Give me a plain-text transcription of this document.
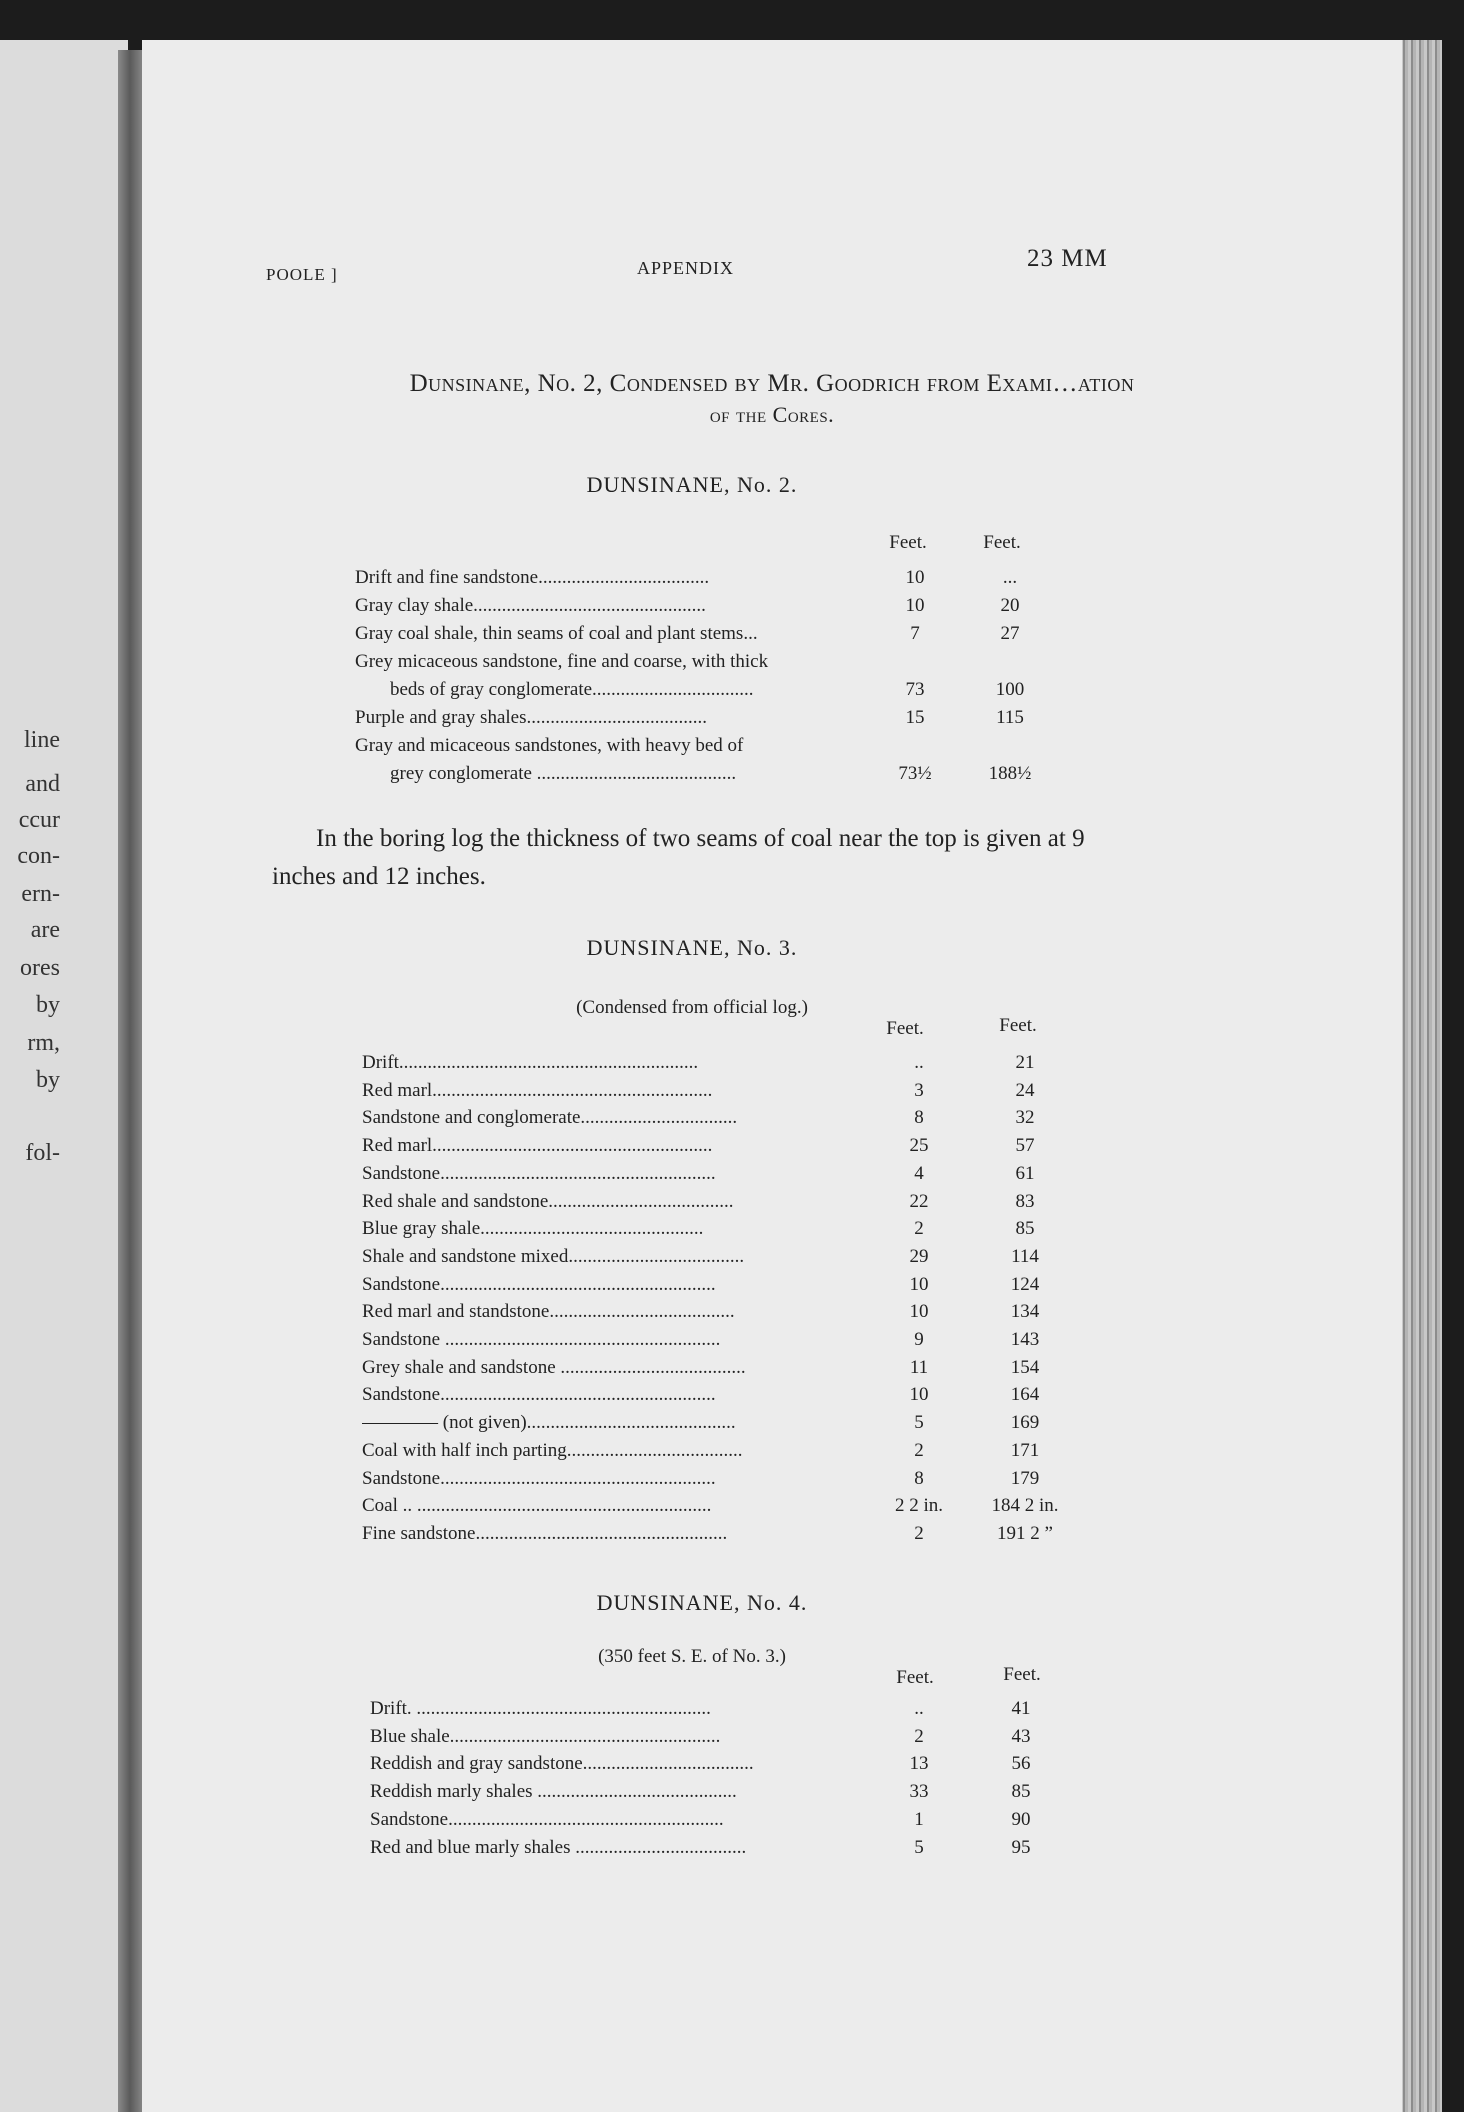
line
and
ccur
con-
ern-
are
ores
by
rm,
by
fol-
POOLE ]	APPENDIX	23 MM
Dunsinane, No. 2, Condensed by Mr. Goodrich from Exami…ation
of the Cores.
DUNSINANE, No. 2.
Feet.	Feet.
Drift and fine sandstone....................................	10	...
Gray clay shale.................................................	10	20
Gray coal shale, thin seams of coal and plant stems...	7	27
Grey micaceous sandstone, fine and coarse, with thick
beds of gray conglomerate..................................	73	100
Purple and gray shales......................................	15	115
Gray and micaceous sandstones, with heavy bed of
grey conglomerate ..........................................	73½	188½
In the boring log the thickness of two seams of coal near the top is given at 9 inches and 12 inches.
DUNSINANE, No. 3.
(Condensed from official log.)
Feet.	Feet.
Drift...............................................................	..	21
Red marl...........................................................	3	24
Sandstone and conglomerate.................................	8	32
Red marl...........................................................	25	57
Sandstone..........................................................	4	61
Red shale and sandstone.......................................	22	83
Blue gray shale...............................................	2	85
Shale and sandstone mixed.....................................	29	114
Sandstone..........................................................	10	124
Red marl and standstone.......................................	10	134
Sandstone ..........................................................	9	143
Grey shale and sandstone .......................................	11	154
Sandstone..........................................................	10	164
———— (not given)............................................	5	169
Coal with half inch parting.....................................	2	171
Sandstone..........................................................	8	179
Coal .. ..............................................................	2 2 in.	184 2 in.
Fine sandstone.....................................................	2	191 2 ”
DUNSINANE, No. 4.
(350 feet S. E. of No. 3.)
Feet.	Feet.
Drift. ..............................................................	..	41
Blue shale.........................................................	2	43
Reddish and gray sandstone....................................	13	56
Reddish marly shales ..........................................	33	85
Sandstone..........................................................	1	90
Red and blue marly shales ....................................	5	95
